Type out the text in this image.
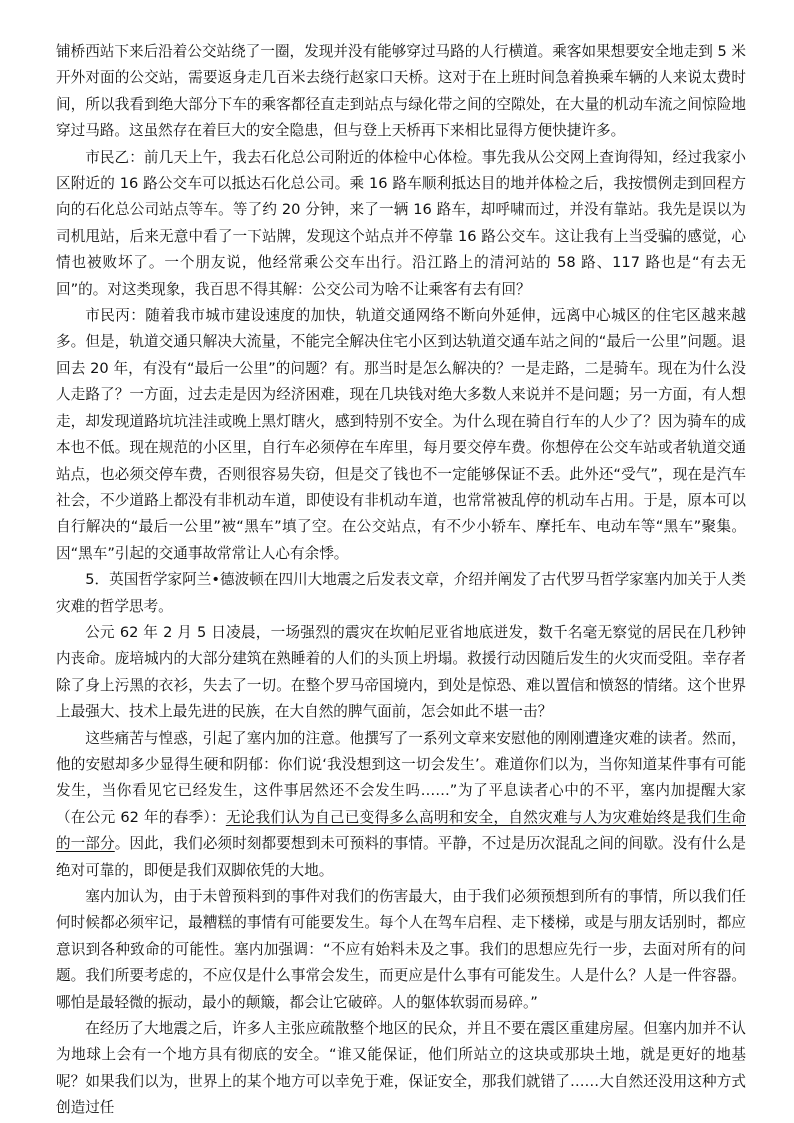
铺桥西站下来后沿着公交站绕了一圈，发现并没有能够穿过马路的人行横道。乘客如果想要安全地走到 5 米开外对面的公交站，需要返身走几百米去绕行赵家口天桥。这对于在上班时间急着换乘车辆的人来说太费时间，所以我看到绝大部分下车的乘客都径直走到站点与绿化带之间的空隙处，在大量的机动车流之间惊险地穿过马路。这虽然存在着巨大的安全隐患，但与登上天桥再下来相比显得方便快捷许多。

市民乙：前几天上午，我去石化总公司附近的体检中心体检。事先我从公交网上查询得知，经过我家小区附近的 16 路公交车可以抵达石化总公司。乘 16 路车顺利抵达目的地并体检之后，我按惯例走到回程方向的石化总公司站点等车。等了约 20 分钟，来了一辆 16 路车，却呼啸而过，并没有靠站。我先是误以为司机甩站，后来无意中看了一下站牌，发现这个站点并不停靠 16 路公交车。这让我有上当受骗的感觉，心情也被败坏了。一个朋友说，他经常乘公交车出行。沿江路上的清河站的 58 路、117 路也是“有去无回”的。对这类现象，我百思不得其解：公交公司为啥不让乘客有去有回？

市民丙：随着我市城市建设速度的加快，轨道交通网络不断向外延伸，远离中心城区的住宅区越来越多。但是，轨道交通只解决大流量，不能完全解决住宅小区到达轨道交通车站之间的“最后一公里”问题。退回去 20 年，有没有“最后一公里”的问题？有。那当时是怎么解决的？一是走路，二是骑车。现在为什么没人走路了？一方面，过去走是因为经济困难，现在几块钱对绝大多数人来说并不是问题；另一方面，有人想走，却发现道路坑坑洼洼或晚上黑灯瞎火，感到特别不安全。为什么现在骑自行车的人少了？因为骑车的成本也不低。现在规范的小区里，自行车必须停在车库里，每月要交停车费。你想停在公交车站或者轨道交通站点，也必须交停车费，否则很容易失窃，但是交了钱也不一定能够保证不丢。此外还“受气”，现在是汽车社会，不少道路上都没有非机动车道，即使设有非机动车道，也常常被乱停的机动车占用。于是，原本可以自行解决的“最后一公里”被“黑车”填了空。在公交站点，有不少小轿车、摩托车、电动车等“黑车”聚集。因“黑车”引起的交通事故常常让人心有余悸。

5．英国哲学家阿兰•德波顿在四川大地震之后发表文章，介绍并阐发了古代罗马哲学家塞内加关于人类灾难的哲学思考。

公元 62 年 2 月 5 日凌晨，一场强烈的震灾在坎帕尼亚省地底迸发，数千名毫无察觉的居民在几秒钟内丧命。庞培城内的大部分建筑在熟睡着的人们的头顶上坍塌。救援行动因随后发生的火灾而受阻。幸存者除了身上污黑的衣衫，失去了一切。在整个罗马帝国境内，到处是惊恐、难以置信和愤怒的情绪。这个世界上最强大、技术上最先进的民族，在大自然的脾气面前，怎会如此不堪一击？

这些痛苦与惶惑，引起了塞内加的注意。他撰写了一系列文章来安慰他的刚刚遭逢灾难的读者。然而，他的安慰却多少显得生硬和阴郁：你们说‘我没想到这一切会发生’。难道你们以为，当你知道某件事有可能发生，当你看见它已经发生，这件事居然还不会发生吗……”为了平息读者心中的不平，塞内加提醒大家（在公元 62 年的春季）：无论我们认为自己已变得多么高明和安全，自然灾难与人为灾难始终是我们生命的一部分。因此，我们必须时刻都要想到未可预料的事情。平静，不过是历次混乱之间的间歇。没有什么是绝对可靠的，即便是我们双脚依凭的大地。

塞内加认为，由于未曾预料到的事件对我们的伤害最大，由于我们必须预想到所有的事情，所以我们任何时候都必须牢记，最糟糕的事情有可能要发生。每个人在驾车启程、走下楼梯，或是与朋友话别时，都应意识到各种致命的可能性。塞内加强调：“不应有始料未及之事。我们的思想应先行一步，去面对所有的问题。我们所要考虑的，不应仅是什么事常会发生，而更应是什么事有可能发生。人是什么？人是一件容器。哪怕是最轻微的振动，最小的颠簸，都会让它破碎。人的躯体软弱而易碎。”

在经历了大地震之后，许多人主张应疏散整个地区的民众，并且不要在震区重建房屋。但塞内加并不认为地球上会有一个地方具有彻底的安全。“谁又能保证，他们所站立的这块或那块土地，就是更好的地基呢？如果我们以为，世界上的某个地方可以幸免于难，保证安全，那我们就错了……大自然还没用这种方式创造过任
